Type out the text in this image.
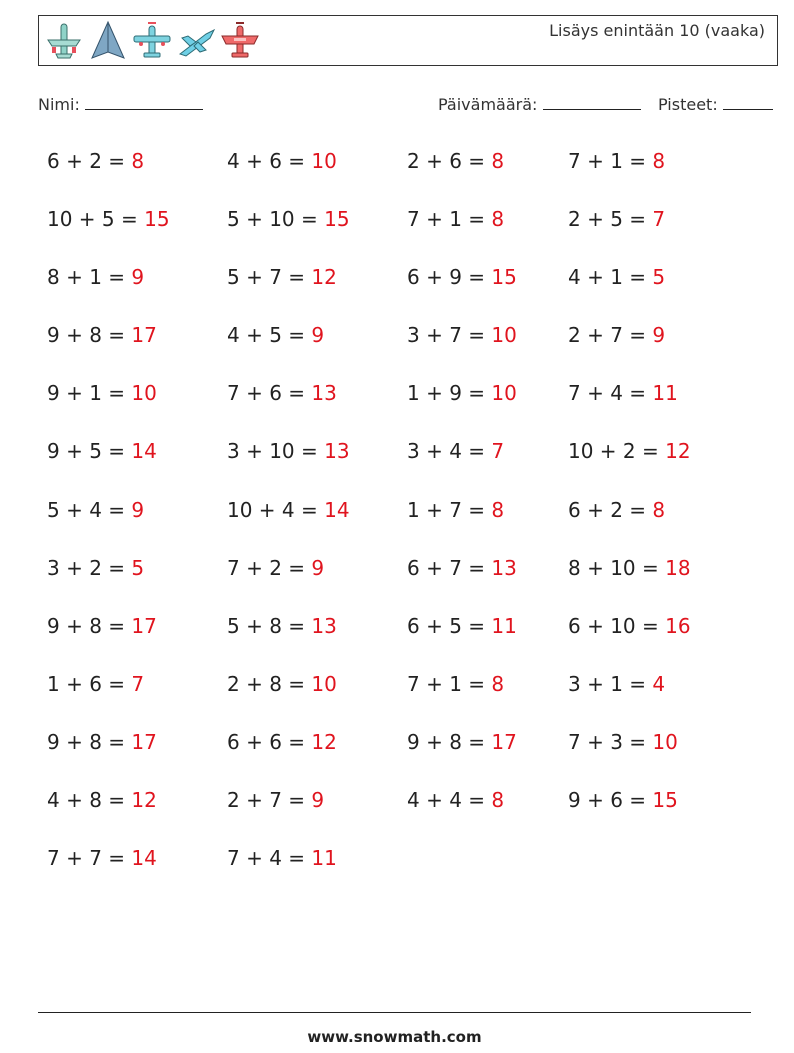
Lisäys enintään 10 (vaaka)
Nimi:	Päivämäärä:	Pisteet:
6 + 2 = 8	4 + 6 = 10	2 + 6 = 8	7 + 1 = 8
10 + 5 = 15	5 + 10 = 15	7 + 1 = 8	2 + 5 = 7
8 + 1 = 9	5 + 7 = 12	6 + 9 = 15	4 + 1 = 5
9 + 8 = 17	4 + 5 = 9	3 + 7 = 10	2 + 7 = 9
9 + 1 = 10	7 + 6 = 13	1 + 9 = 10	7 + 4 = 11
9 + 5 = 14	3 + 10 = 13	3 + 4 = 7	10 + 2 = 12
5 + 4 = 9	10 + 4 = 14	1 + 7 = 8	6 + 2 = 8
3 + 2 = 5	7 + 2 = 9	6 + 7 = 13	8 + 10 = 18
9 + 8 = 17	5 + 8 = 13	6 + 5 = 11	6 + 10 = 16
1 + 6 = 7	2 + 8 = 10	7 + 1 = 8	3 + 1 = 4
9 + 8 = 17	6 + 6 = 12	9 + 8 = 17	7 + 3 = 10
4 + 8 = 12	2 + 7 = 9	4 + 4 = 8	9 + 6 = 15
7 + 7 = 14	7 + 4 = 11
www.snowmath.com
